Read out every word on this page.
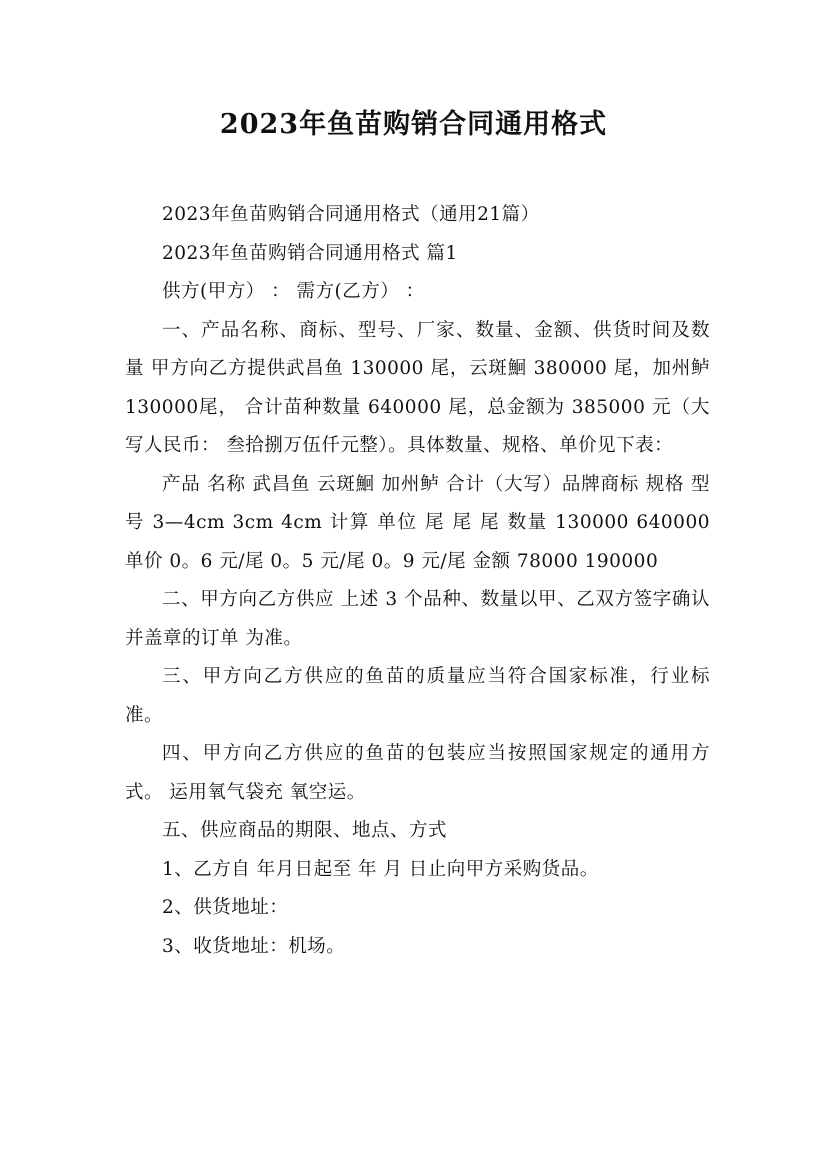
2023年鱼苗购销合同通用格式

2023年鱼苗购销合同通用格式（通用21篇）

2023年鱼苗购销合同通用格式 篇1

供方(甲方） ： 需方(乙方） ：

一、产品名称、商标、型号、厂家、数量、金额、供货时间及数量 甲方向乙方提供武昌鱼 130000 尾，云斑鮰 380000 尾，加州鲈 130000尾， 合计苗种数量 640000 尾，总金额为 385000 元（大写人民币： 叁拾捌万伍仟元整）。具体数量、规格、单价见下表：

产品 名称 武昌鱼 云斑鮰 加州鲈 合计（大写）品牌商标 规格 型号 3—4cm 3cm 4cm 计算 单位 尾 尾 尾 数量 130000 640000 单价 0。6 元/尾 0。5 元/尾 0。9 元/尾 金额 78000 190000

二、甲方向乙方供应 上述 3 个品种、数量以甲、乙双方签字确认并盖章的订单 为准。

三、甲方向乙方供应的鱼苗的质量应当符合国家标准，行业标准。

四、甲方向乙方供应的鱼苗的包装应当按照国家规定的通用方式。 运用氧气袋充 氧空运。

五、供应商品的期限、地点、方式

1、乙方自 年月日起至 年 月 日止向甲方采购货品。

2、供货地址：

3、收货地址：机场。
